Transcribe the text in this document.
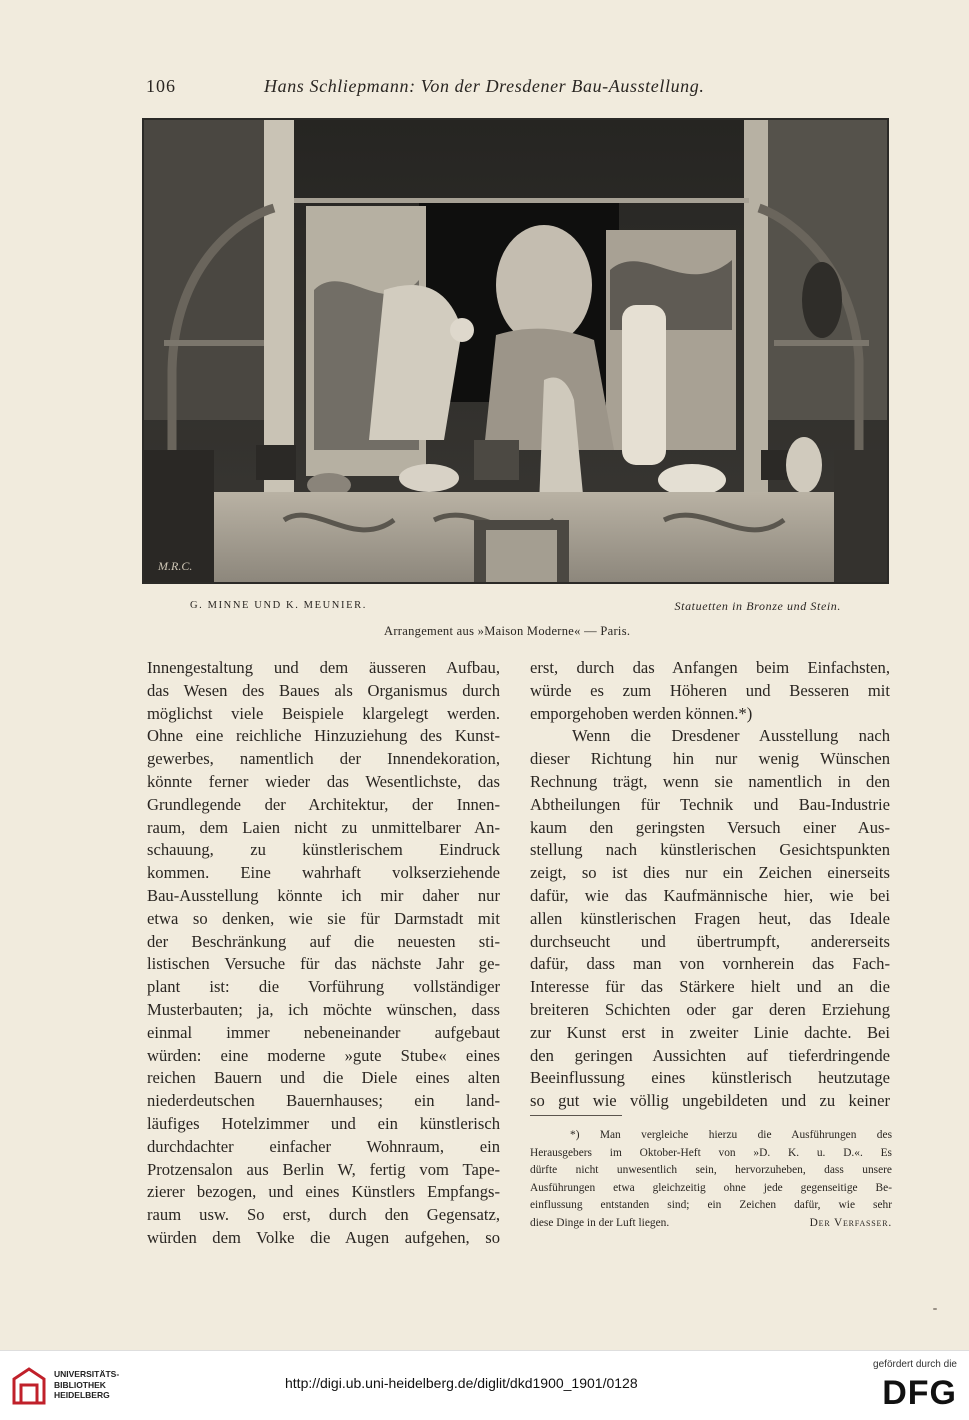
106	Hans Schliepmann: Von der Dresdener Bau-Ausstellung.
M.R.C.
G. MINNE UND K. MEUNIER.	Statuetten in Bronze und Stein.
Arrangement aus »Maison Moderne« — Paris.
Innengestaltung und dem äusseren Aufbau,
das Wesen des Baues als Organismus durch
möglichst viele Beispiele klargelegt werden.
Ohne eine reichliche Hinzuziehung des Kunst-
gewerbes, namentlich der Innendekoration,
könnte ferner wieder das Wesentlichste, das
Grundlegende der Architektur, der Innen-
raum, dem Laien nicht zu unmittelbarer An-
schauung, zu künstlerischem Eindruck
kommen. Eine wahrhaft volkserziehende
Bau-Ausstellung könnte ich mir daher nur
etwa so denken, wie sie für Darmstadt mit
der Beschränkung auf die neuesten sti-
listischen Versuche für das nächste Jahr ge-
plant ist: die Vorführung vollständiger
Musterbauten; ja, ich möchte wünschen, dass
einmal immer nebeneinander aufgebaut
würden: eine moderne »gute Stube« eines
reichen Bauern und die Diele eines alten
niederdeutschen Bauernhauses; ein land-
läufiges Hotelzimmer und ein künstlerisch
durchdachter einfacher Wohnraum, ein
Protzensalon aus Berlin W, fertig vom Tape-
zierer bezogen, und eines Künstlers Empfangs-
raum usw. So erst, durch den Gegensatz,
würden dem Volke die Augen aufgehen, so
erst, durch das Anfangen beim Einfachsten,
würde es zum Höheren und Besseren mit
emporgehoben werden können.*)
Wenn die Dresdener Ausstellung nach
dieser Richtung hin nur wenig Wünschen
Rechnung trägt, wenn sie namentlich in den
Abtheilungen für Technik und Bau-Industrie
kaum den geringsten Versuch einer Aus-
stellung nach künstlerischen Gesichtspunkten
zeigt, so ist dies nur ein Zeichen einerseits
dafür, wie das Kaufmännische hier, wie bei
allen künstlerischen Fragen heut, das Ideale
durchseucht und übertrumpft, andererseits
dafür, dass man von vornherein das Fach-
Interesse für das Stärkere hielt und an die
breiteren Schichten oder gar deren Erziehung
zur Kunst erst in zweiter Linie dachte. Bei
den geringen Aussichten auf tieferdringende
Beeinflussung eines künstlerisch heutzutage
so gut wie völlig ungebildeten und zu keiner
*) Man vergleiche hierzu die Ausführungen des
Herausgebers im Oktober-Heft von »D. K. u. D.«. Es
dürfte nicht unwesentlich sein, hervorzuheben, dass unsere
Ausführungen etwa gleichzeitig ohne jede gegenseitige Be-
einflussung entstanden sind; ein Zeichen dafür, wie sehr
diese Dinge in der Luft liegen.	Der Verfasser.
UNIVERSITÄTS-
BIBLIOTHEK
HEIDELBERG
http://digi.ub.uni-heidelberg.de/diglit/dkd1900_1901/0128
gefördert durch die
DFG
